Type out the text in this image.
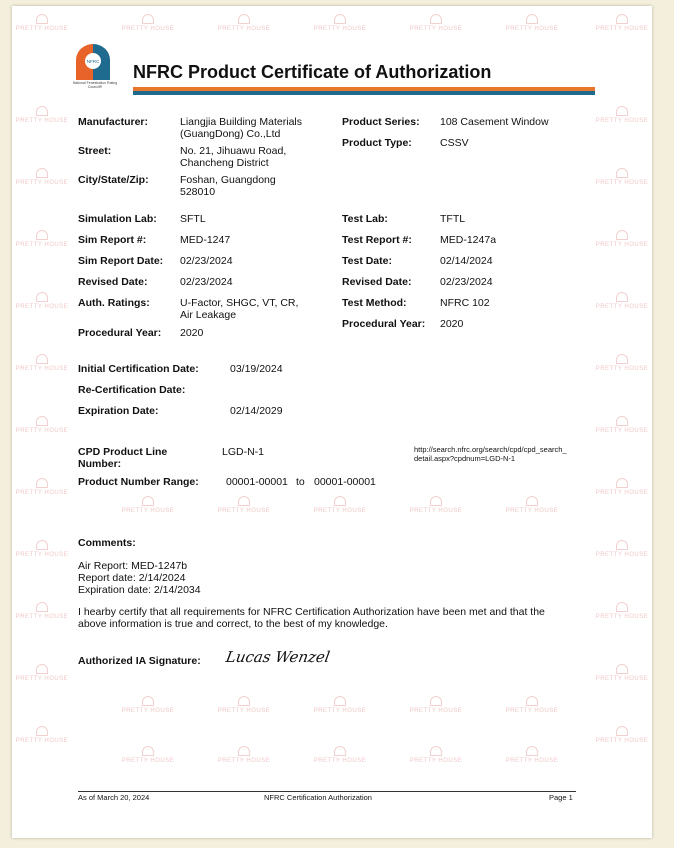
PRETTY HOUSE	PRETTY HOUSE
PRETTY HOUSE	PRETTY HOUSE
PRETTY HOUSE	PRETTY HOUSE
PRETTY HOUSE	PRETTY HOUSE
PRETTY HOUSE	PRETTY HOUSE
PRETTY HOUSE	PRETTY HOUSE
PRETTY HOUSE	PRETTY HOUSE
PRETTY HOUSE	PRETTY HOUSE
PRETTY HOUSE	PRETTY HOUSE
PRETTY HOUSE	PRETTY HOUSE
PRETTY HOUSE	PRETTY HOUSE
PRETTY HOUSE
PRETTY HOUSE
PRETTY HOUSE
PRETTY HOUSE
PRETTY HOUSE
PRETTY HOUSE
PRETTY HOUSE
PRETTY HOUSE
PRETTY HOUSE
PRETTY HOUSE
PRETTY HOUSE
PRETTY HOUSE
PRETTY HOUSE
PRETTY HOUSE
PRETTY HOUSE
PRETTY HOUSE
PRETTY HOUSE
PRETTY HOUSE
PRETTY HOUSE
PRETTY HOUSE
PRETTY HOUSE	PRETTY HOUSE
NFRC
National Fenestration Rating Council®
NFRC Product Certificate of Authorization
Manufacturer:	Liangjia Building Materials
(GuangDong) Co.,Ltd
Street:	No. 21, Jihuawu Road,
Chancheng District
City/State/Zip:	Foshan, Guangdong
528010
Simulation Lab: SFTL
Sim Report #:	MED-1247
Sim Report Date: 02/23/2024
Revised Date:	02/23/2024
Auth. Ratings:	U-Factor, SHGC, VT, CR,
Air Leakage
Procedural Year: 2020
Product Series: 108 Casement Window
Product Type:	CSSV
Test Lab:	TFTL
Test Report #:	MED-1247a
Test Date:	02/14/2024
Revised Date:	02/23/2024
Test Method:	NFRC 102
Procedural Year: 2020
Initial Certification Date:	03/19/2024
Re-Certification Date:
Expiration Date:	02/14/2029
CPD Product Line
Number:
LGD-N-1	http://search.nfrc.org/search/cpd/cpd_search_
detail.aspx?cpdnum=LGD-N-1
Product Number Range:	00001-00001 to 00001-00001
Comments:
Air Report: MED-1247b
Report date: 2/14/2024
Expiration date: 2/14/2034
I hearby certify that all requirements for NFRC Certification Authorization have been met and that the
above information is true and correct, to the best of my knowledge.
Authorized IA Signature: Lucas Wenzel
As of March 20, 2024	NFRC Certification Authorization	Page 1
